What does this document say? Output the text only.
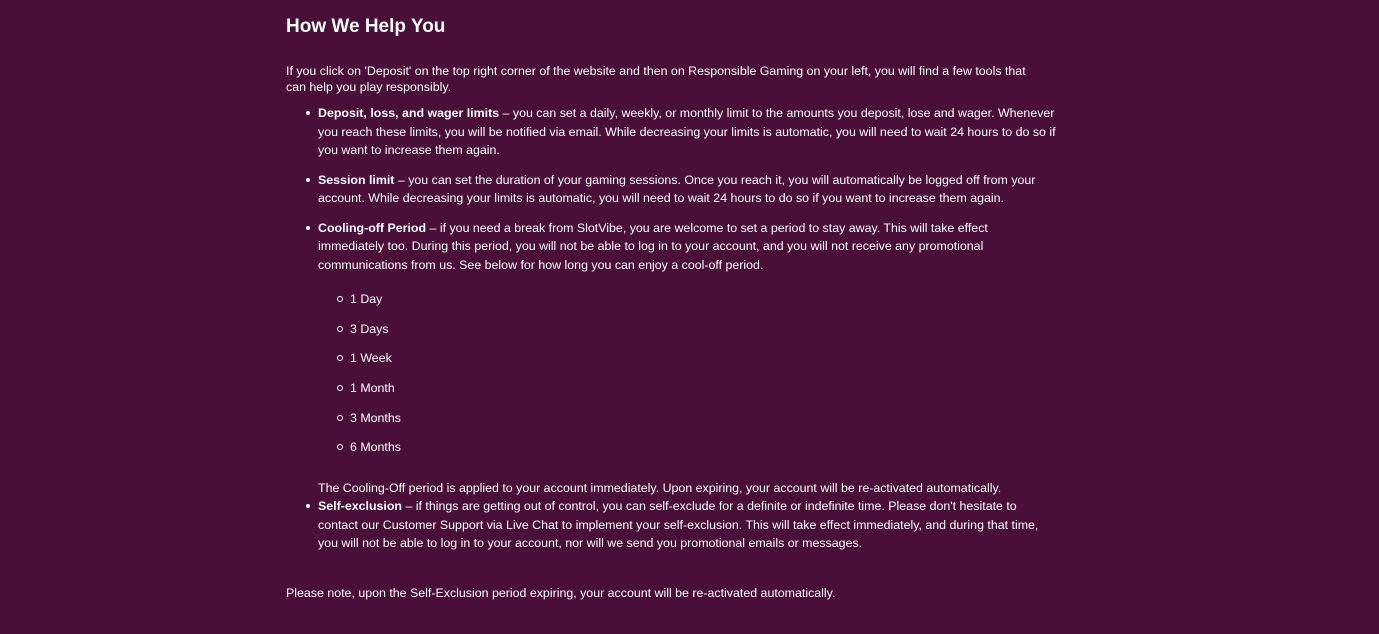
How We Help You

If you click on 'Deposit' on the top right corner of the website and then on Responsible Gaming on your left, you will find a few tools that can help you play responsibly.

Deposit, loss, and wager limits – you can set a daily, weekly, or monthly limit to the amounts you deposit, lose and wager. Whenever you reach these limits, you will be notified via email. While decreasing your limits is automatic, you will need to wait 24 hours to do so if you want to increase them again.
Session limit – you can set the duration of your gaming sessions. Once you reach it, you will automatically be logged off from your account. While decreasing your limits is automatic, you will need to wait 24 hours to do so if you want to increase them again.
Cooling-off Period – if you need a break from SlotVibe, you are welcome to set a period to stay away. This will take effect immediately too. During this period, you will not be able to log in to your account, and you will not receive any promotional communications from us. See below for how long you can enjoy a cool-off period.
1 Day
3 Days
1 Week
1 Month
3 Months
6 Months
The Cooling-Off period is applied to your account immediately. Upon expiring, your account will be re-activated automatically.
Self-exclusion – if things are getting out of control, you can self-exclude for a definite or indefinite time. Please don't hesitate to contact our Customer Support via Live Chat to implement your self-exclusion. This will take effect immediately, and during that time, you will not be able to log in to your account, nor will we send you promotional emails or messages.

Please note, upon the Self-Exclusion period expiring, your account will be re-activated automatically.
